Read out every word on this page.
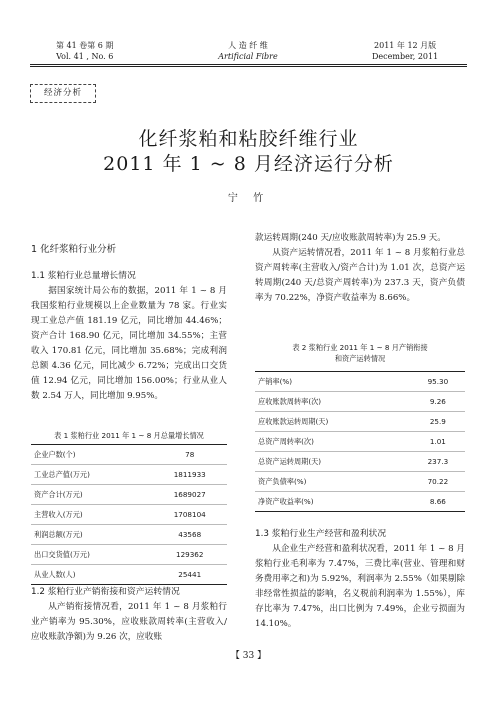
第 41 卷第 6 期
Vol. 41 , No. 6
人 造 纤 维
Artificial Fibre
2011 年 12 月版
December, 2011
经济分析
化纤浆粕和粘胶纤维行业
2011 年 1 ~ 8 月经济运行分析
宁 竹
1 化纤浆粕行业分析
1.1 浆粕行业总量增长情况

据国家统计局公布的数据，2011 年 1 ~ 8 月我国浆粕行业规模以上企业数量为 78 家。行业实现工业总产值 181.19 亿元，同比增加 44.46%；资产合计 168.90 亿元，同比增加 34.55%；主营收入 170.81 亿元，同比增加 35.68%；完成利润总额 4.36 亿元，同比减少 6.72%；完成出口交货值 12.94 亿元，同比增加 156.00%；行业从业人数 2.54 万人，同比增加 9.95%。

表 1 浆粕行业 2011 年 1 ~ 8 月总量增长情况
企业户数(个)	78
工业总产值(万元)	1811933
资产合计(万元)	1689027
主营收入(万元)	1708104
利润总额(万元)	43568
出口交货值(万元)	129362
从业人数(人)	25441
1.2 浆粕行业产销衔接和资产运转情况

从产销衔接情况看，2011 年 1 ~ 8 月浆粕行业产销率为 95.30%，应收账款周转率(主营收入/应收账款净额)为 9.26 次，应收账

款运转周期(240 天/应收账款周转率)为 25.9 天。

从资产运转情况看，2011 年 1 ~ 8 月浆粕行业总资产周转率(主营收入/资产合计)为 1.01 次，总资产运转周期(240 天/总资产周转率)为 237.3 天，资产负债率为 70.22%，净资产收益率为 8.66%。

表 2 浆粕行业 2011 年 1 ~ 8 月产销衔接
和资产运转情况
产销率(%)	95.30
应收账款周转率(次)	9.26
应收账款运转周期(天)	25.9
总资产周转率(次)	1.01
总资产运转周期(天)	237.3
资产负债率(%)	70.22
净资产收益率(%)	8.66
1.3 浆粕行业生产经营和盈利状况

从企业生产经营和盈利状况看，2011 年 1 ~ 8 月浆粕行业毛利率为 7.47%，三费比率(营业、管理和财务费用率之和)为 5.92%，利润率为 2.55%（如果剔除非经常性损益的影响，名义税前利润率为 1.55%），库存比率为 7.47%，出口比例为 7.49%，企业亏损面为 14.10%。

【 33 】
